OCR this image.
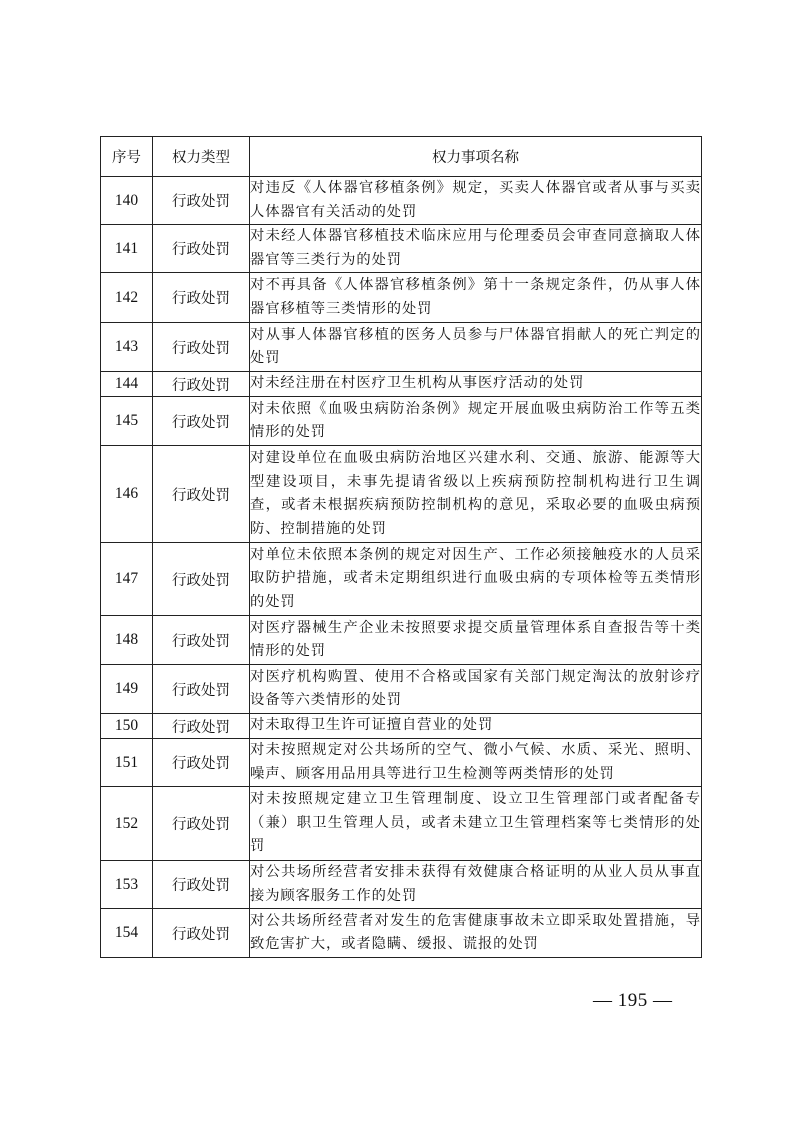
序号	权力类型	权力事项名称
140	行政处罚	对违反《人体器官移植条例》规定，买卖人体器官或者从事与买卖人体器官有关活动的处罚
141	行政处罚	对未经人体器官移植技术临床应用与伦理委员会审查同意摘取人体器官等三类行为的处罚
142	行政处罚	对不再具备《人体器官移植条例》第十一条规定条件，仍从事人体器官移植等三类情形的处罚
143	行政处罚	对从事人体器官移植的医务人员参与尸体器官捐献人的死亡判定的处罚
144	行政处罚	对未经注册在村医疗卫生机构从事医疗活动的处罚
145	行政处罚	对未依照《血吸虫病防治条例》规定开展血吸虫病防治工作等五类情形的处罚
146	行政处罚	对建设单位在血吸虫病防治地区兴建水利、交通、旅游、能源等大型建设项目，未事先提请省级以上疾病预防控制机构进行卫生调查，或者未根据疾病预防控制机构的意见，采取必要的血吸虫病预防、控制措施的处罚
147	行政处罚	对单位未依照本条例的规定对因生产、工作必须接触疫水的人员采取防护措施，或者未定期组织进行血吸虫病的专项体检等五类情形的处罚
148	行政处罚	对医疗器械生产企业未按照要求提交质量管理体系自查报告等十类情形的处罚
149	行政处罚	对医疗机构购置、使用不合格或国家有关部门规定淘汰的放射诊疗设备等六类情形的处罚
150	行政处罚	对未取得卫生许可证擅自营业的处罚
151	行政处罚	对未按照规定对公共场所的空气、微小气候、水质、采光、照明、噪声、顾客用品用具等进行卫生检测等两类情形的处罚
152	行政处罚	对未按照规定建立卫生管理制度、设立卫生管理部门或者配备专（兼）职卫生管理人员，或者未建立卫生管理档案等七类情形的处罚
153	行政处罚	对公共场所经营者安排未获得有效健康合格证明的从业人员从事直接为顾客服务工作的处罚
154	行政处罚	对公共场所经营者对发生的危害健康事故未立即采取处置措施，导致危害扩大，或者隐瞒、缓报、谎报的处罚
— 195 —
